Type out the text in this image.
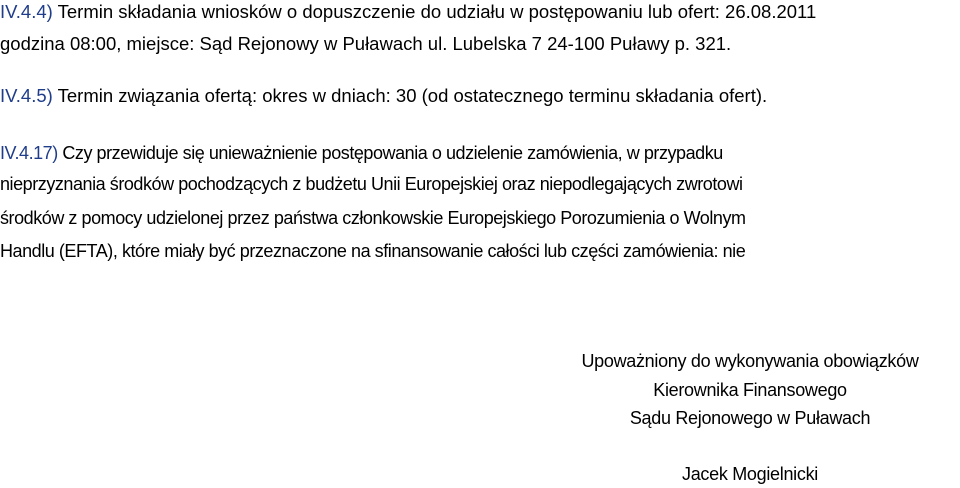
IV.4.4) Termin składania wniosków o dopuszczenie do udziału w postępowaniu lub ofert: 26.08.2011
godzina 08:00, miejsce: Sąd Rejonowy w Puławach ul. Lubelska 7 24-100 Puławy p. 321.
IV.4.5) Termin związania ofertą: okres w dniach: 30 (od ostatecznego terminu składania ofert).
IV.4.17) Czy przewiduje się unieważnienie postępowania o udzielenie zamówienia, w przypadku
nieprzyznania środków pochodzących z budżetu Unii Europejskiej oraz niepodlegających zwrotowi
środków z pomocy udzielonej przez państwa członkowskie Europejskiego Porozumienia o Wolnym
Handlu (EFTA), które miały być przeznaczone na sfinansowanie całości lub części zamówienia: nie
Upoważniony do wykonywania obowiązków
Kierownika Finansowego
Sądu Rejonowego w Puławach
Jacek Mogielnicki
